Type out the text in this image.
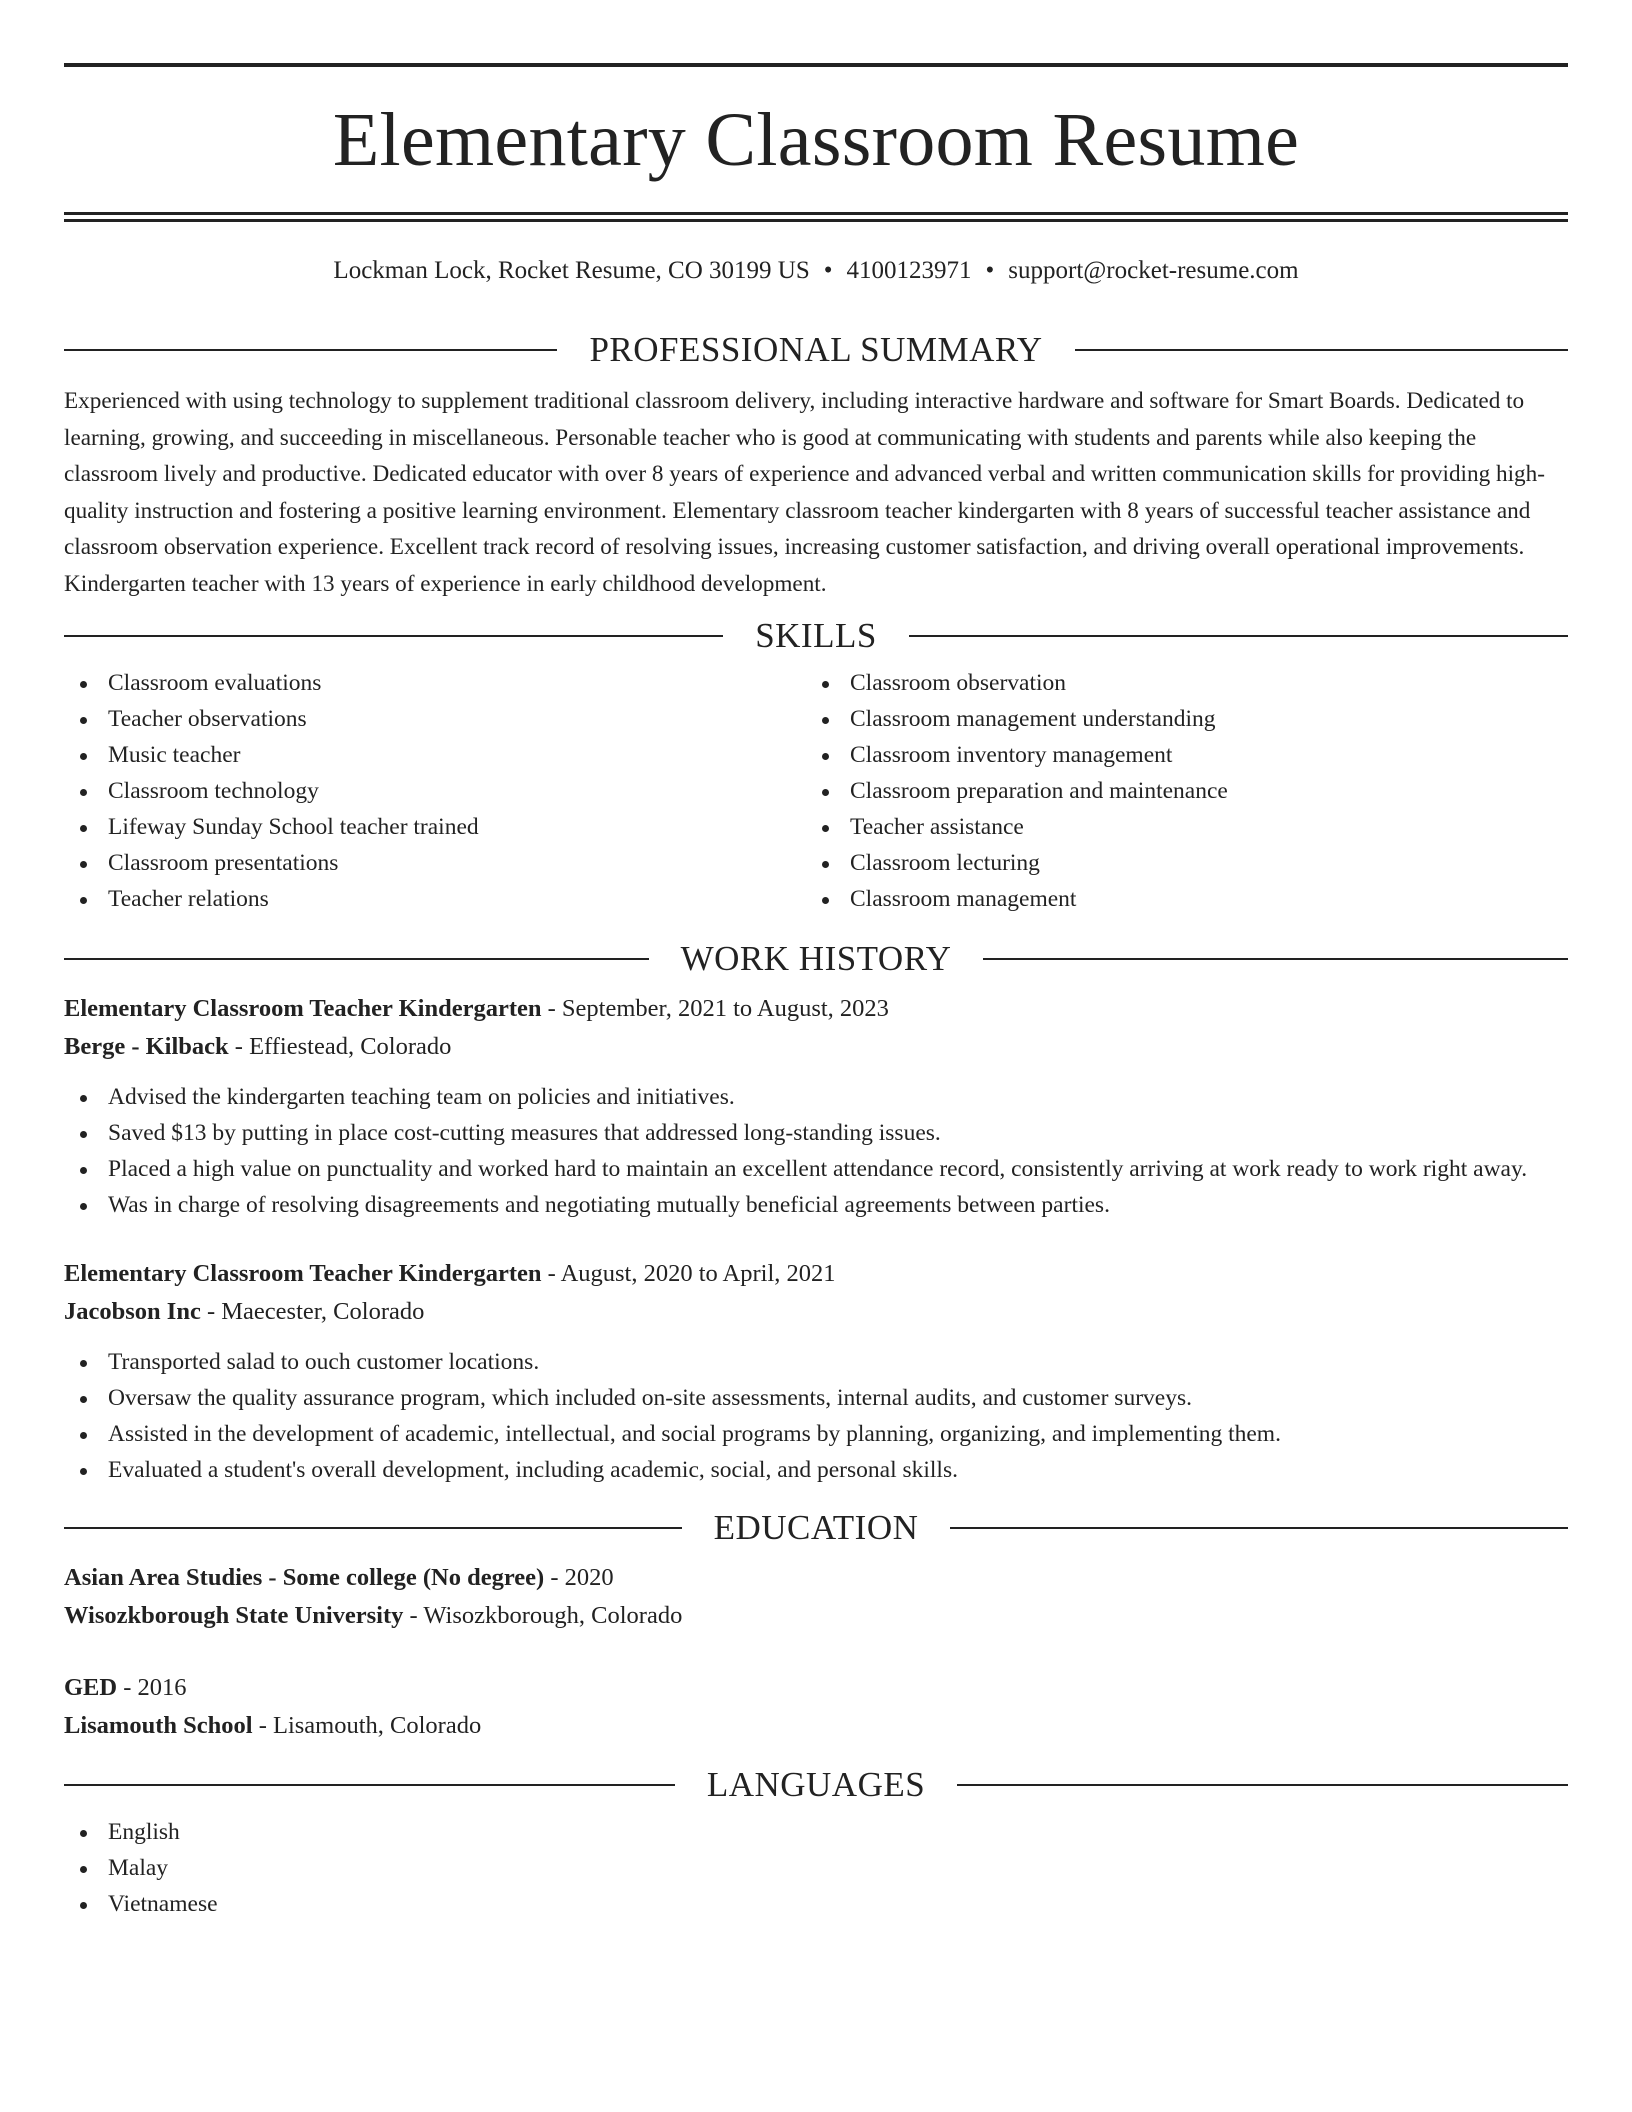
Elementary Classroom Resume
Lockman Lock, Rocket Resume, CO 30199 US • 4100123971 • support@rocket-resume.com
PROFESSIONAL SUMMARY

Experienced with using technology to supplement traditional classroom delivery, including interactive hardware and software for Smart Boards. Dedicated to learning, growing, and succeeding in miscellaneous. Personable teacher who is good at communicating with students and parents while also keeping the classroom lively and productive. Dedicated educator with over 8 years of experience and advanced verbal and written communication skills for providing high-quality instruction and fostering a positive learning environment. Elementary classroom teacher kindergarten with 8 years of successful teacher assistance and classroom observation experience. Excellent track record of resolving issues, increasing customer satisfaction, and driving overall operational improvements. Kindergarten teacher with 13 years of experience in early childhood development.

SKILLS
Classroom evaluations
Teacher observations
Music teacher
Classroom technology
Lifeway Sunday School teacher trained
Classroom presentations
Teacher relations
Classroom observation
Classroom management understanding
Classroom inventory management
Classroom preparation and maintenance
Teacher assistance
Classroom lecturing
Classroom management
WORK HISTORY
Elementary Classroom Teacher Kindergarten - September, 2021 to August, 2023
Berge - Kilback - Effiestead, Colorado
Advised the kindergarten teaching team on policies and initiatives.
Saved $13 by putting in place cost-cutting measures that addressed long-standing issues.
Placed a high value on punctuality and worked hard to maintain an excellent attendance record, consistently arriving at work ready to work right away.
Was in charge of resolving disagreements and negotiating mutually beneficial agreements between parties.
Elementary Classroom Teacher Kindergarten - August, 2020 to April, 2021
Jacobson Inc - Maecester, Colorado
Transported salad to ouch customer locations.
Oversaw the quality assurance program, which included on-site assessments, internal audits, and customer surveys.
Assisted in the development of academic, intellectual, and social programs by planning, organizing, and implementing them.
Evaluated a student's overall development, including academic, social, and personal skills.
EDUCATION
Asian Area Studies - Some college (No degree) - 2020
Wisozkborough State University - Wisozkborough, Colorado
GED - 2016
Lisamouth School - Lisamouth, Colorado
LANGUAGES
English
Malay
Vietnamese
